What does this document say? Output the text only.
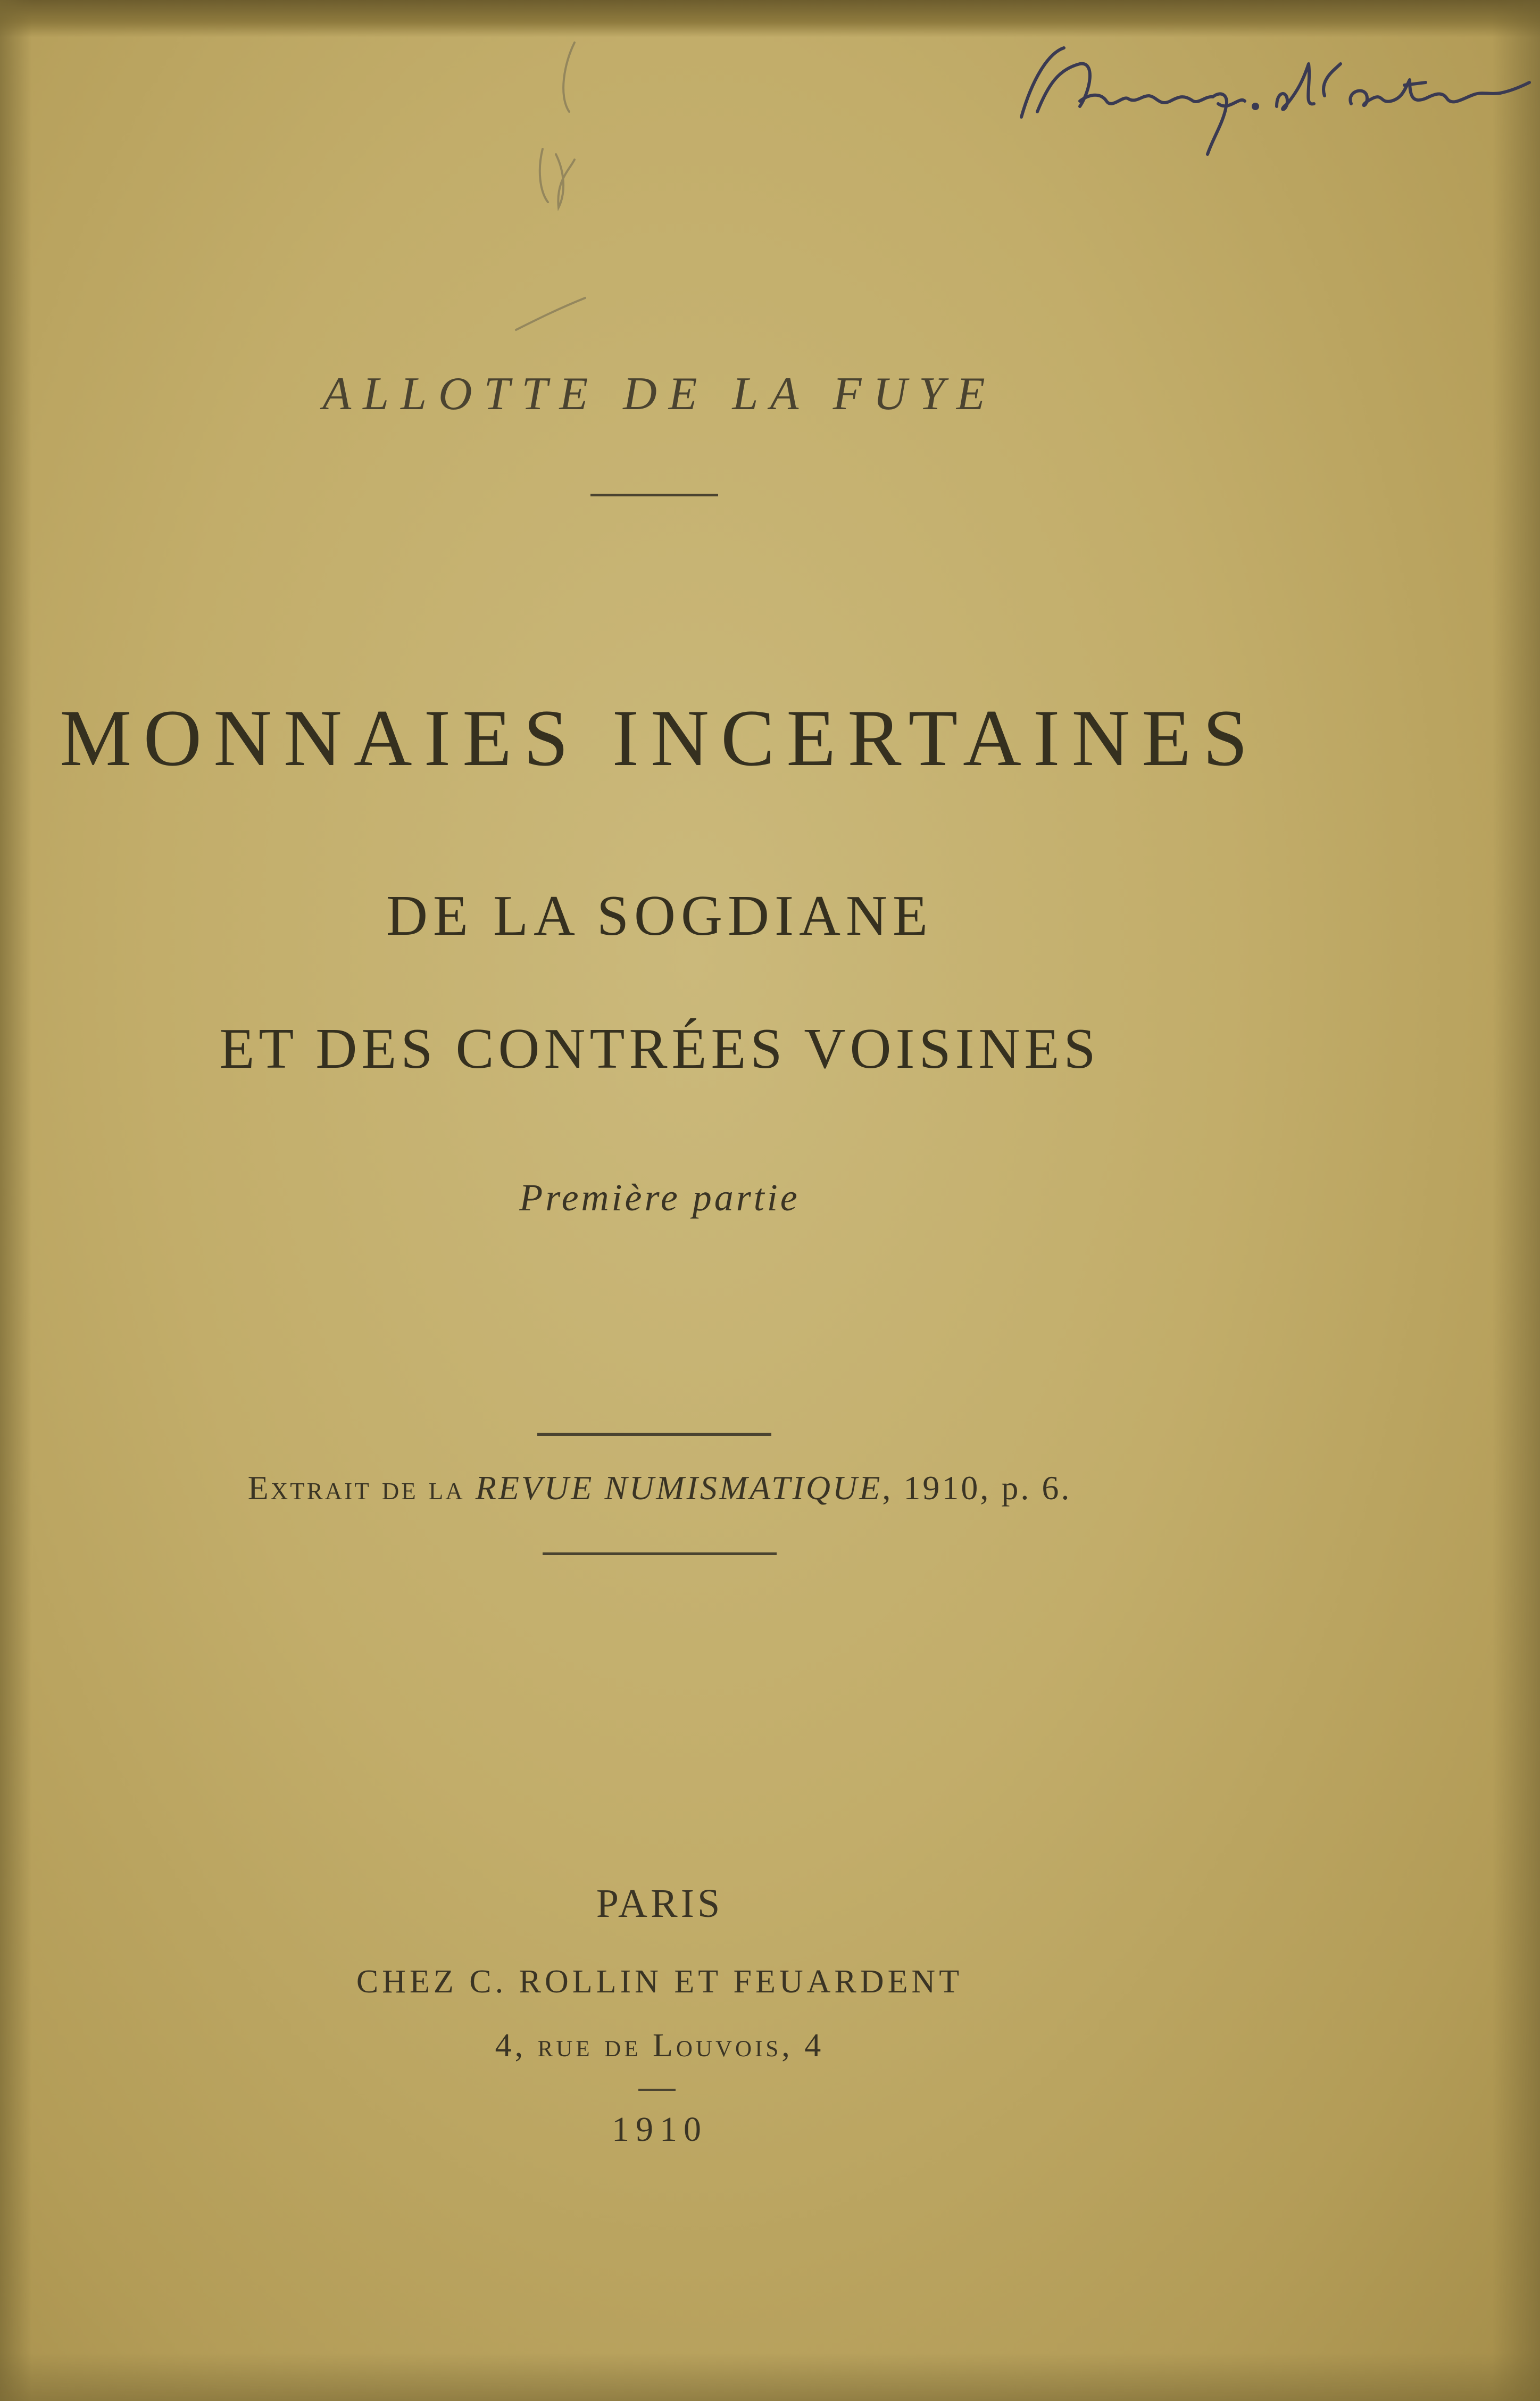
ALLOTTE DE LA FUYE
MONNAIES INCERTAINES
DE LA SOGDIANE
ET DES CONTRÉES VOISINES
Première partie
Extrait de la REVUE NUMISMATIQUE, 1910, p. 6.
PARIS
CHEZ C. ROLLIN ET FEUARDENT
4, rue de Louvois, 4
1910
